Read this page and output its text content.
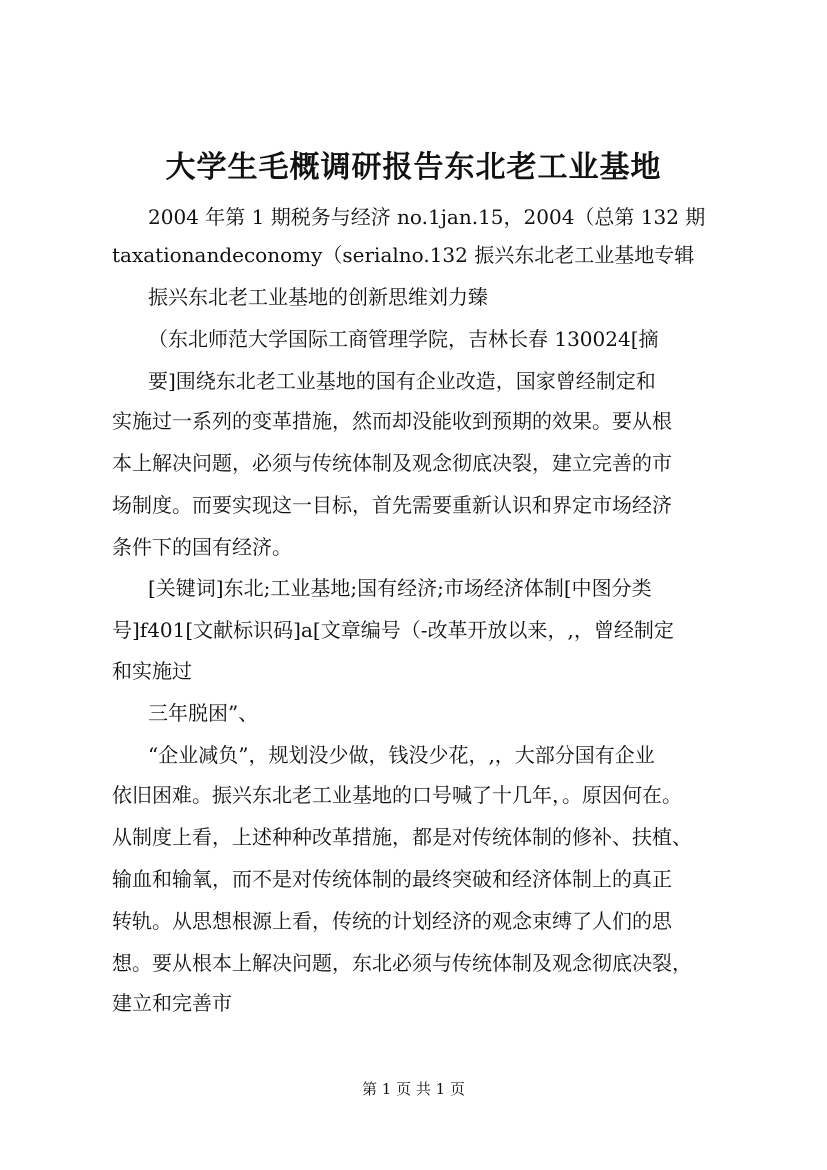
大学生毛概调研报告东北老工业基地
2004 年第 1 期税务与经济 no.1jan.15，2004（总第 132 期
taxationandeconomy（serialno.132 振兴东北老工业基地专辑
振兴东北老工业基地的创新思维刘力臻
（东北师范大学国际工商管理学院，吉林长春 130024[摘
要]围绕东北老工业基地的国有企业改造，国家曾经制定和
实施过一系列的变革措施，然而却没能收到预期的效果。要从根
本上解决问题，必须与传统体制及观念彻底决裂，建立完善的市
场制度。而要实现这一目标，首先需要重新认识和界定市场经济
条件下的国有经济。
[关键词]东北;工业基地;国有经济;市场经济体制[中图分类
号]f401[文献标识码]a[文章编号（-改革开放以来，,，曾经制定
和实施过
三年脱困”、
“企业减负”，规划没少做，钱没少花，,，大部分国有企业
依旧困难。振兴东北老工业基地的口号喊了十几年，。原因何在。
从制度上看，上述种种改革措施，都是对传统体制的修补、扶植、
输血和输氧，而不是对传统体制的最终突破和经济体制上的真正
转轨。从思想根源上看，传统的计划经济的观念束缚了人们的思
想。要从根本上解决问题，东北必须与传统体制及观念彻底决裂，
建立和完善市
第 1 页 共 1 页
